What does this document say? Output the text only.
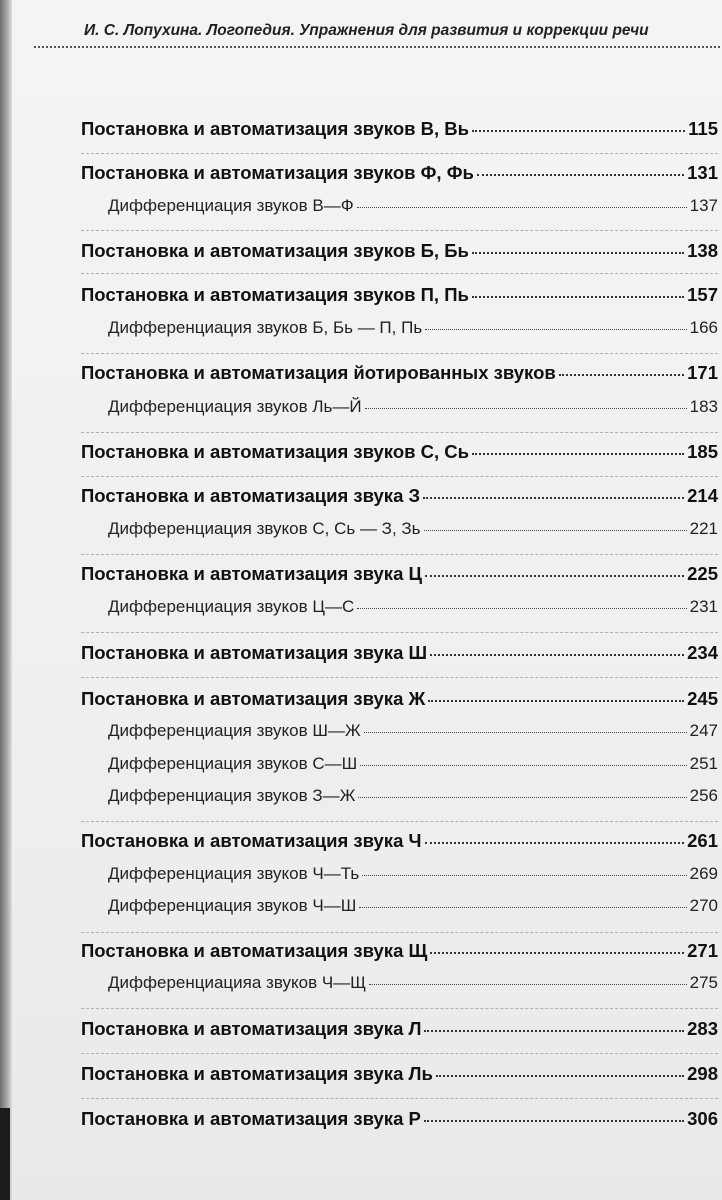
И. С. Лопухина. Логопедия. Упражнения для развития и коррекции речи
Постановка и автоматизация звуков В, Вь	115
Постановка и автоматизация звуков Ф, Фь	131
Дифференциация звуков В—Ф	137
Постановка и автоматизация звуков Б, Бь	138
Постановка и автоматизация звуков П, Пь	157
Дифференциация звуков Б, Бь — П, Пь	166
Постановка и автоматизация йотированных звуков	171
Дифференциация звуков Ль—Й	183
Постановка и автоматизация звуков С, Сь	185
Постановка и автоматизация звука З	214
Дифференциация звуков С, Сь — З, Зь	221
Постановка и автоматизация звука Ц	225
Дифференциация звуков Ц—С	231
Постановка и автоматизация звука Ш	234
Постановка и автоматизация звука Ж	245
Дифференциация звуков Ш—Ж	247
Дифференциация звуков С—Ш	251
Дифференциация звуков З—Ж	256
Постановка и автоматизация звука Ч	261
Дифференциация звуков Ч—Ть	269
Дифференциация звуков Ч—Ш	270
Постановка и автоматизация звука Щ	271
Дифференциацияа звуков Ч—Щ	275
Постановка и автоматизация звука Л	283
Постановка и автоматизация звука Ль	298
Постановка и автоматизация звука Р	306
